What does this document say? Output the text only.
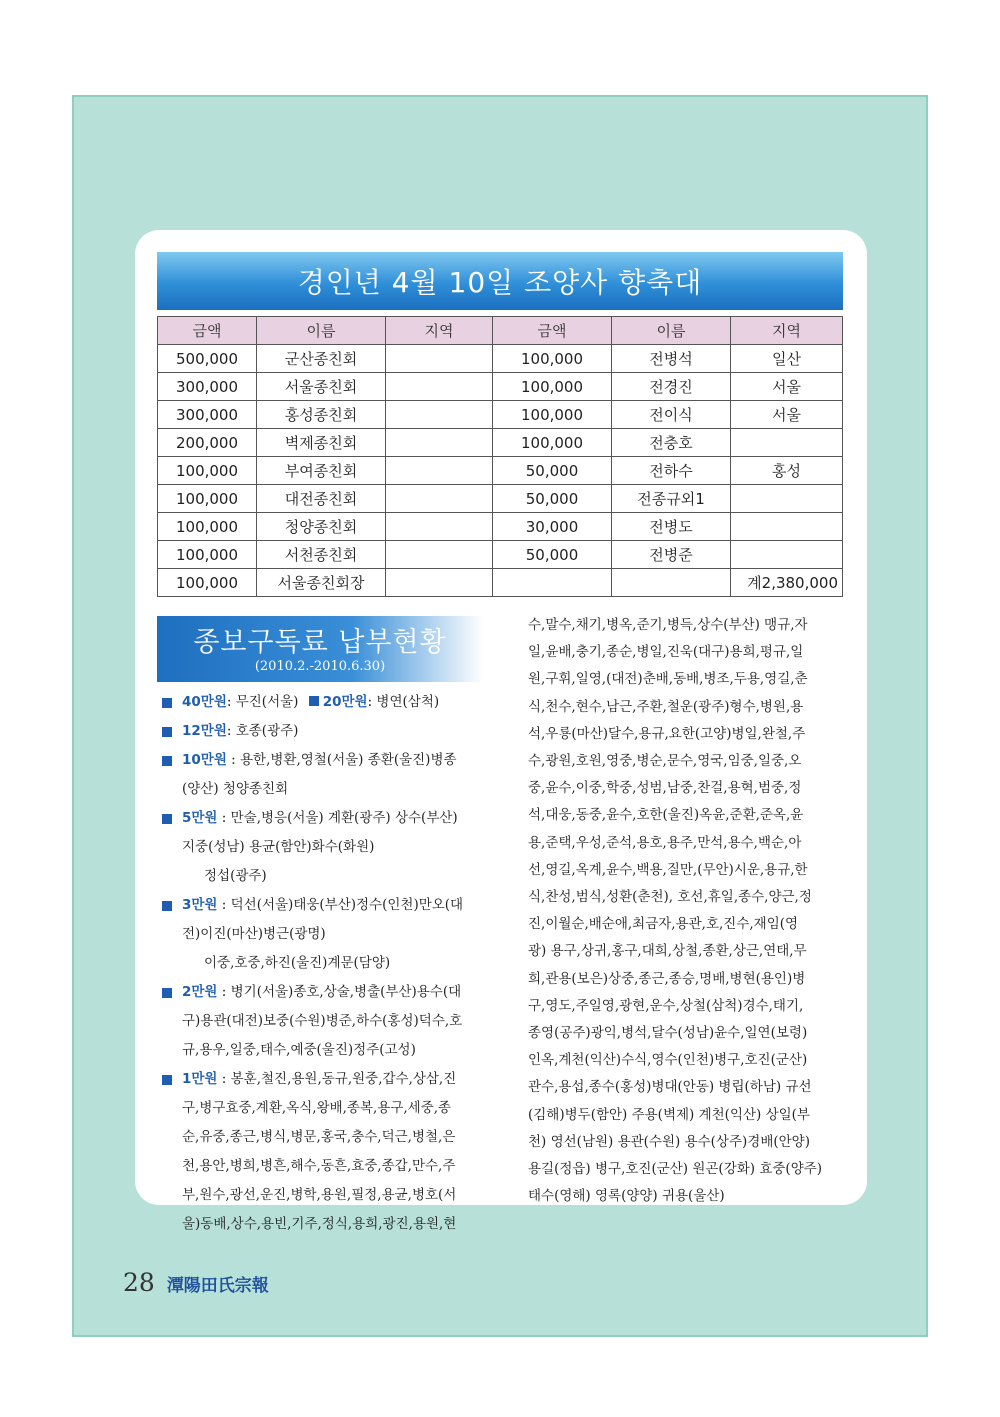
경인년 4월 10일 조양사 향축대
금액	이름	지역	금액	이름	지역
500,000	군산종친회		100,000	전병석	일산
300,000	서울종친회		100,000	전경진	서울
300,000	홍성종친회		100,000	전이식	서울
200,000	벽제종친회		100,000	전충호	
100,000	부여종친회		50,000	전하수	홍성
100,000	대전종친회		50,000	전종규외1	
100,000	청양종친회		30,000	전병도	
100,000	서천종친회		50,000	전병준	
100,000	서울종친회장				계2,380,000
종보구독료 납부현황
(2010.2.-2010.6.30)
40만원: 무진(서울) 20만원: 병연(삼척)
12만원: 호종(광주)
10만원 : 용한,병환,영철(서울) 종환(울진)병종
(양산) 청양종친회
5만원 : 만술,병응(서울) 계환(광주) 상수(부산)
지중(성남) 용균(함안)화수(화원)
정섭(광주)
3만원 : 덕선(서울)태웅(부산)정수(인천)만오(대
전)이진(마산)병근(광명)
이중,호중,하진(울진)계문(담양)
2만원 : 병기(서울)종호,상술,병출(부산)용수(대
구)용관(대전)보중(수원)병준,하수(홍성)덕수,호
규,용우,일중,태수,예중(울진)정주(고성)
1만원 : 봉훈,철진,용원,동규,원중,갑수,상삼,진
구,병구효중,계환,옥식,왕배,종복,용구,세중,종
순,유중,종근,병식,병문,홍국,충수,덕근,병철,은
천,용안,병희,병흔,해수,동흔,효중,종갑,만수,주
부,원수,광선,운진,병학,용원,필정,용균,병호(서
울)동배,상수,용빈,기주,정식,용희,광진,용원,현
수,말수,채기,병옥,준기,병득,상수(부산) 맹규,자
일,윤배,충기,종순,병일,진욱(대구)용희,평규,일
원,구휘,일영,(대전)춘배,동배,병조,두용,영길,춘
식,천수,현수,남근,주환,철운(광주)형수,병원,용
석,우룡(마산)달수,용규,요한(고양)병일,완철,주
수,광원,호원,영중,병순,문수,영국,임중,일중,오
중,윤수,이중,학중,성범,남중,찬걸,용혁,범중,정
석,대웅,동중,윤수,호한(울진)옥윤,준환,준옥,윤
용,준택,우성,준석,용호,용주,만석,용수,백순,아
선,영길,옥계,윤수,백용,질만,(무안)시운,용규,한
식,찬성,범식,성환(춘천), 호선,휴일,종수,양근,정
진,이월순,배순애,최금자,용관,호,진수,재임(영
광) 용구,상귀,홍구,대희,상철,종환,상근,연태,무
희,관용(보은)상중,종근,종승,명배,병현(용인)병
구,영도,주일영,광현,운수,상철(삼척)경수,태기,
종영(공주)광익,병석,달수(성남)윤수,일연(보령)
인옥,계천(익산)수식,영수(인천)병구,호진(군산)
관수,용섭,종수(홍성)병대(안동) 병립(하남) 규선
(김해)병두(함안) 주용(벽제) 계천(익산) 상일(부
천) 영선(남원) 용관(수원) 용수(상주)경배(안양)
용길(정읍) 병구,호진(군산) 원곤(강화) 효중(양주)
태수(영해) 영록(양양) 귀용(울산)
28 潭陽田氏宗報
